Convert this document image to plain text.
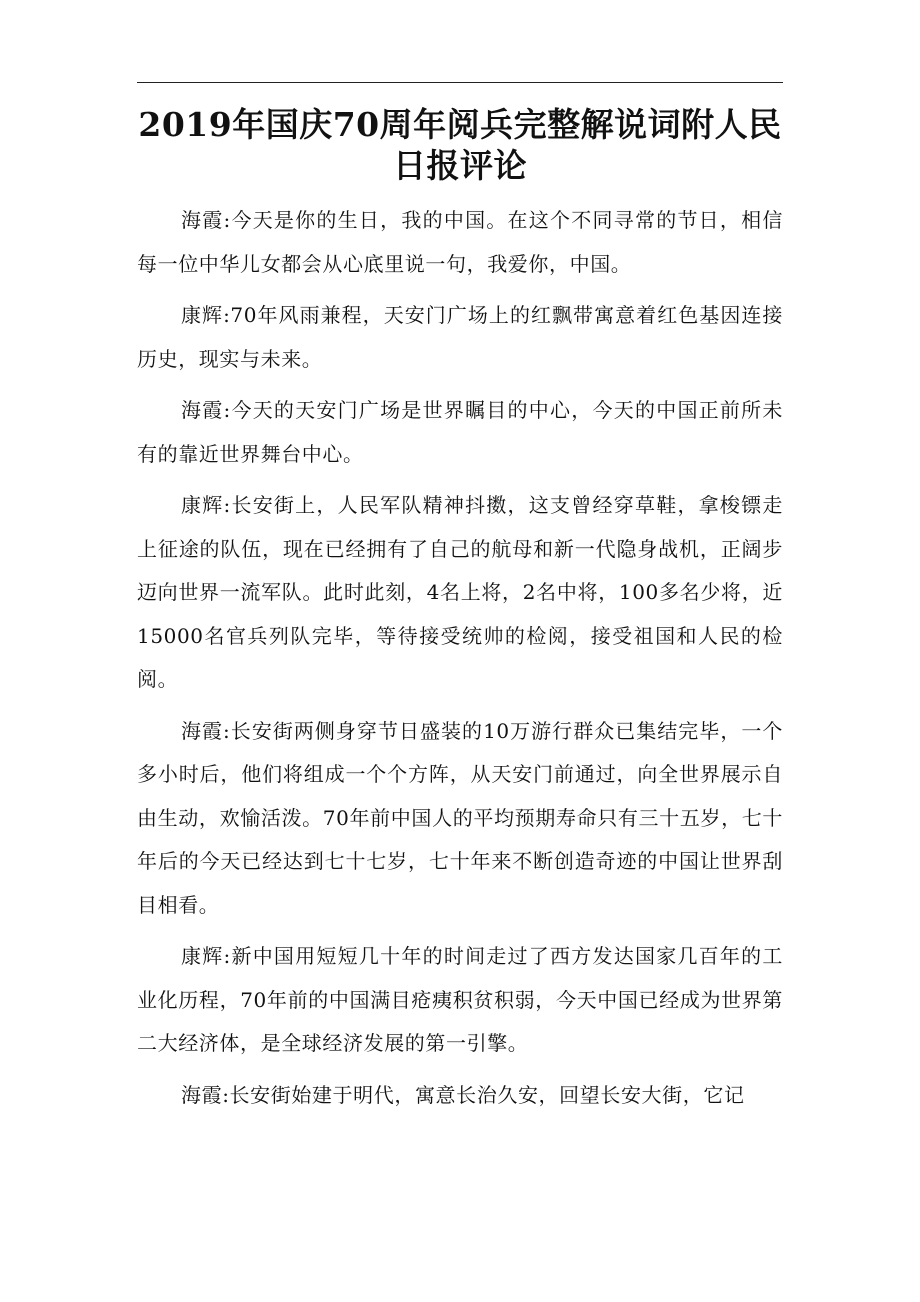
2019年国庆70周年阅兵完整解说词附人民日报评论

海霞:今天是你的生日，我的中国。在这个不同寻常的节日，相信每一位中华儿女都会从心底里说一句，我爱你，中国。

康辉:70年风雨兼程，天安门广场上的红飘带寓意着红色基因连接历史，现实与未来。

海霞:今天的天安门广场是世界瞩目的中心，今天的中国正前所未有的靠近世界舞台中心。

康辉:长安街上，人民军队精神抖擞，这支曾经穿草鞋，拿梭镖走上征途的队伍，现在已经拥有了自己的航母和新一代隐身战机，正阔步迈向世界一流军队。此时此刻，4名上将，2名中将，100多名少将，近15000名官兵列队完毕，等待接受统帅的检阅，接受祖国和人民的检阅。

海霞:长安街两侧身穿节日盛装的10万游行群众已集结完毕，一个多小时后，他们将组成一个个方阵，从天安门前通过，向全世界展示自由生动，欢愉活泼。70年前中国人的平均预期寿命只有三十五岁，七十年后的今天已经达到七十七岁，七十年来不断创造奇迹的中国让世界刮目相看。

康辉:新中国用短短几十年的时间走过了西方发达国家几百年的工业化历程，70年前的中国满目疮痍积贫积弱，今天中国已经成为世界第二大经济体，是全球经济发展的第一引擎。

海霞:长安街始建于明代，寓意长治久安，回望长安大街，它记
